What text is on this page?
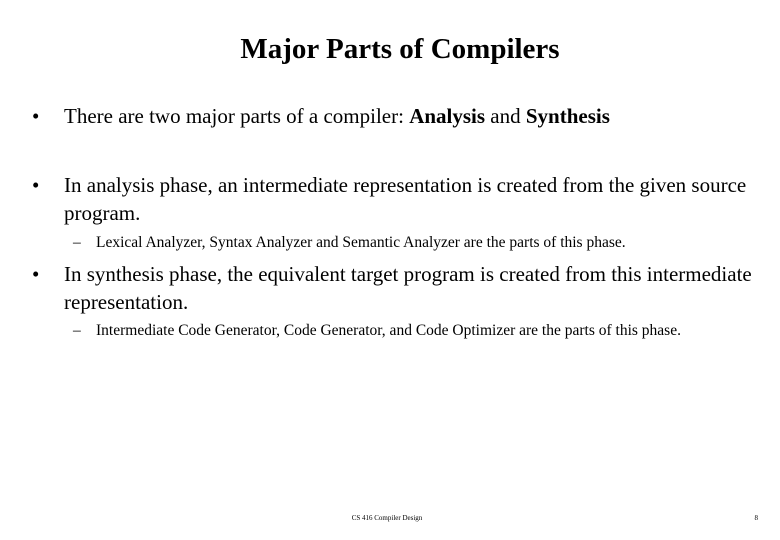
Major Parts of Compilers
• There are two major parts of a compiler: Analysis and Synthesis
• In analysis phase, an intermediate representation is created from the given source program.
– Lexical Analyzer, Syntax Analyzer and Semantic Analyzer are the parts of this phase.
• In synthesis phase, the equivalent target program is created from this intermediate representation.
– Intermediate Code Generator, Code Generator, and Code Optimizer are the parts of this phase.
CS 416 Compiler Design	8
